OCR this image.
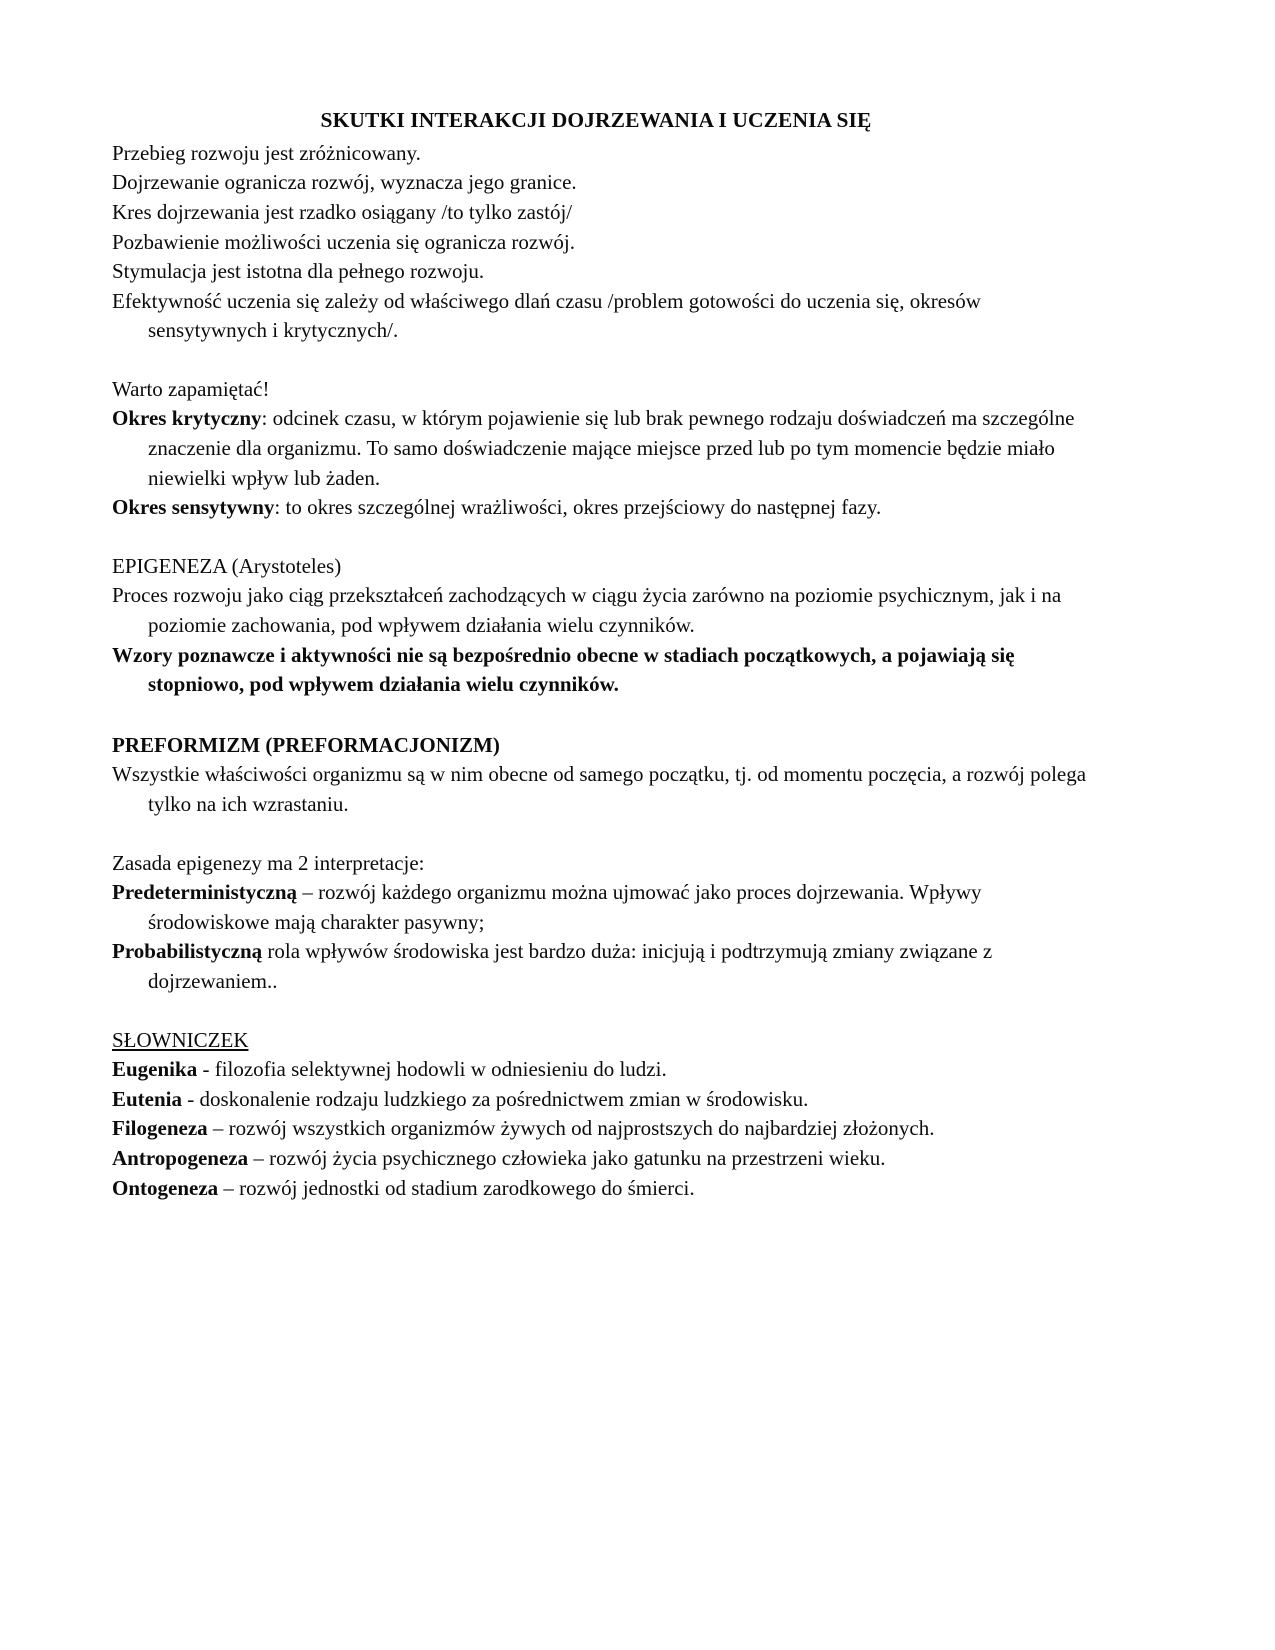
SKUTKI INTERAKCJI DOJRZEWANIA I UCZENIA SIĘ

Przebieg rozwoju jest zróżnicowany.

Dojrzewanie ogranicza rozwój, wyznacza jego granice.

Kres dojrzewania jest rzadko osiągany /to tylko zastój/

Pozbawienie możliwości uczenia się ogranicza rozwój.

Stymulacja jest istotna dla pełnego rozwoju.

Efektywność uczenia się zależy od właściwego dlań czasu /problem gotowości do uczenia się, okresów sensytywnych i krytycznych/.

Warto zapamiętać!

Okres krytyczny: odcinek czasu, w którym pojawienie się lub brak pewnego rodzaju doświadczeń ma szczególne znaczenie dla organizmu. To samo doświadczenie mające miejsce przed lub po tym momencie będzie miało niewielki wpływ lub żaden.

Okres sensytywny: to okres szczególnej wrażliwości, okres przejściowy do następnej fazy.

EPIGENEZA (Arystoteles)

Proces rozwoju jako ciąg przekształceń zachodzących w ciągu życia zarówno na poziomie psychicznym, jak i na poziomie zachowania, pod wpływem działania wielu czynników.

Wzory poznawcze i aktywności nie są bezpośrednio obecne w stadiach początkowych, a pojawiają się stopniowo, pod wpływem działania wielu czynników.

PREFORMIZM (PREFORMACJONIZM)

Wszystkie właściwości organizmu są w nim obecne od samego początku, tj. od momentu poczęcia, a rozwój polega tylko na ich wzrastaniu.

Zasada epigenezy ma 2 interpretacje:

Predeterministyczną – rozwój każdego organizmu można ujmować jako proces dojrzewania. Wpływy środowiskowe mają charakter pasywny;

Probabilistyczną rola wpływów środowiska jest bardzo duża: inicjują i podtrzymują zmiany związane z dojrzewaniem..

SŁOWNICZEK

Eugenika - filozofia selektywnej hodowli w odniesieniu do ludzi.

Eutenia - doskonalenie rodzaju ludzkiego za pośrednictwem zmian w środowisku.

Filogeneza – rozwój wszystkich organizmów żywych od najprostszych do najbardziej złożonych.

Antropogeneza – rozwój życia psychicznego człowieka jako gatunku na przestrzeni wieku.

Ontogeneza – rozwój jednostki od stadium zarodkowego do śmierci.
